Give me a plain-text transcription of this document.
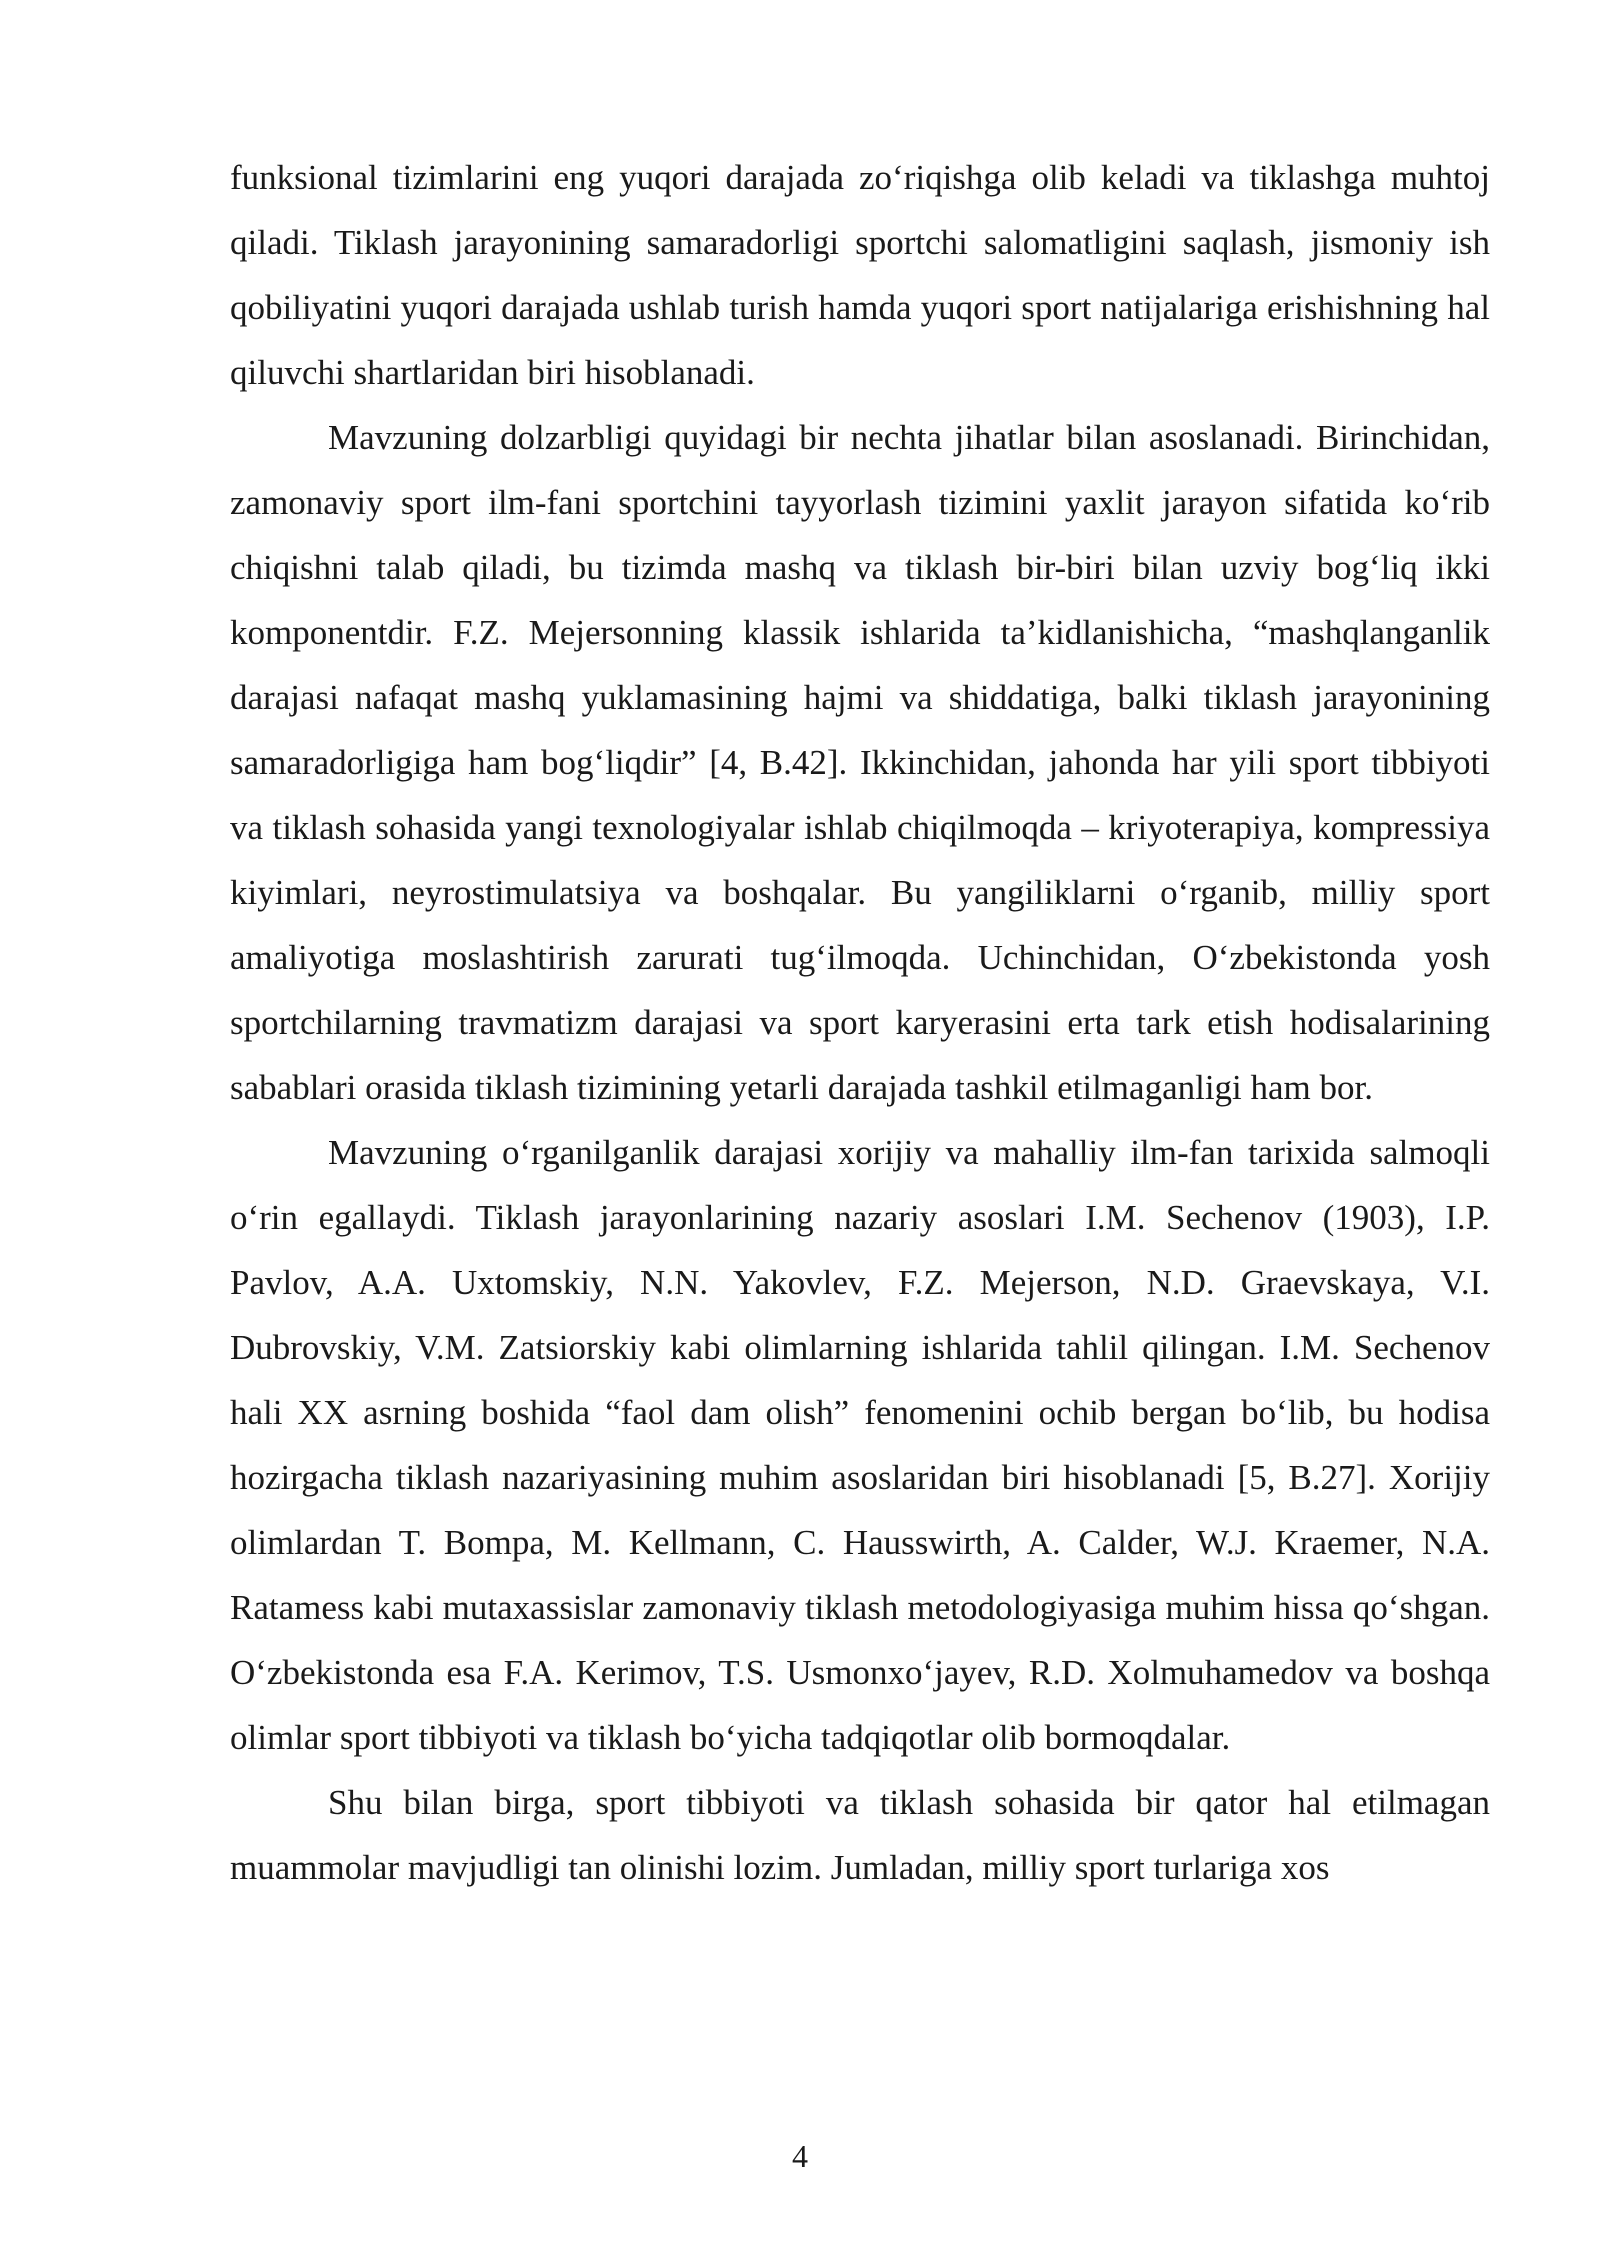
funksional tizimlarini eng yuqori darajada zo‘riqishga olib keladi va tiklashga muhtoj qiladi. Tiklash jarayonining samaradorligi sportchi salomatligini saqlash, jismoniy ish qobiliyatini yuqori darajada ushlab turish hamda yuqori sport natijalariga erishishning hal qiluvchi shartlaridan biri hisoblanadi.

Mavzuning dolzarbligi quyidagi bir nechta jihatlar bilan asoslanadi. Birinchidan, zamonaviy sport ilm-fani sportchini tayyorlash tizimini yaxlit jarayon sifatida ko‘rib chiqishni talab qiladi, bu tizimda mashq va tiklash bir-biri bilan uzviy bog‘liq ikki komponentdir. F.Z. Mejersonning klassik ishlarida ta’kidlanishicha, “mashqlanganlik darajasi nafaqat mashq yuklamasining hajmi va shiddatiga, balki tiklash jarayonining samaradorligiga ham bog‘liqdir” [4, B.42]. Ikkinchidan, jahonda har yili sport tibbiyoti va tiklash sohasida yangi texnologiyalar ishlab chiqilmoqda – kriyoterapiya, kompressiya kiyimlari, neyrostimulatsiya va boshqalar. Bu yangiliklarni o‘rganib, milliy sport amaliyotiga moslashtirish zarurati tug‘ilmoqda. Uchinchidan, O‘zbekistonda yosh sportchilarning travmatizm darajasi va sport karyerasini erta tark etish hodisalarining sabablari orasida tiklash tizimining yetarli darajada tashkil etilmaganligi ham bor.

Mavzuning o‘rganilganlik darajasi xorijiy va mahalliy ilm-fan tarixida salmoqli o‘rin egallaydi. Tiklash jarayonlarining nazariy asoslari I.M. Sechenov (1903), I.P. Pavlov, A.A. Uxtomskiy, N.N. Yakovlev, F.Z. Mejerson, N.D. Graevskaya, V.I. Dubrovskiy, V.M. Zatsiorskiy kabi olimlarning ishlarida tahlil qilingan. I.M. Sechenov hali XX asrning boshida “faol dam olish” fenomenini ochib bergan bo‘lib, bu hodisa hozirgacha tiklash nazariyasining muhim asoslaridan biri hisoblanadi [5, B.27]. Xorijiy olimlardan T. Bompa, M. Kellmann, C. Hausswirth, A. Calder, W.J. Kraemer, N.A. Ratamess kabi mutaxassislar zamonaviy tiklash metodologiyasiga muhim hissa qo‘shgan. O‘zbekistonda esa F.A. Kerimov, T.S. Usmonxo‘jayev, R.D. Xolmuhamedov va boshqa olimlar sport tibbiyoti va tiklash bo‘yicha tadqiqotlar olib bormoqdalar.

Shu bilan birga, sport tibbiyoti va tiklash sohasida bir qator hal etilmagan muammolar mavjudligi tan olinishi lozim. Jumladan, milliy sport turlariga xos

4
